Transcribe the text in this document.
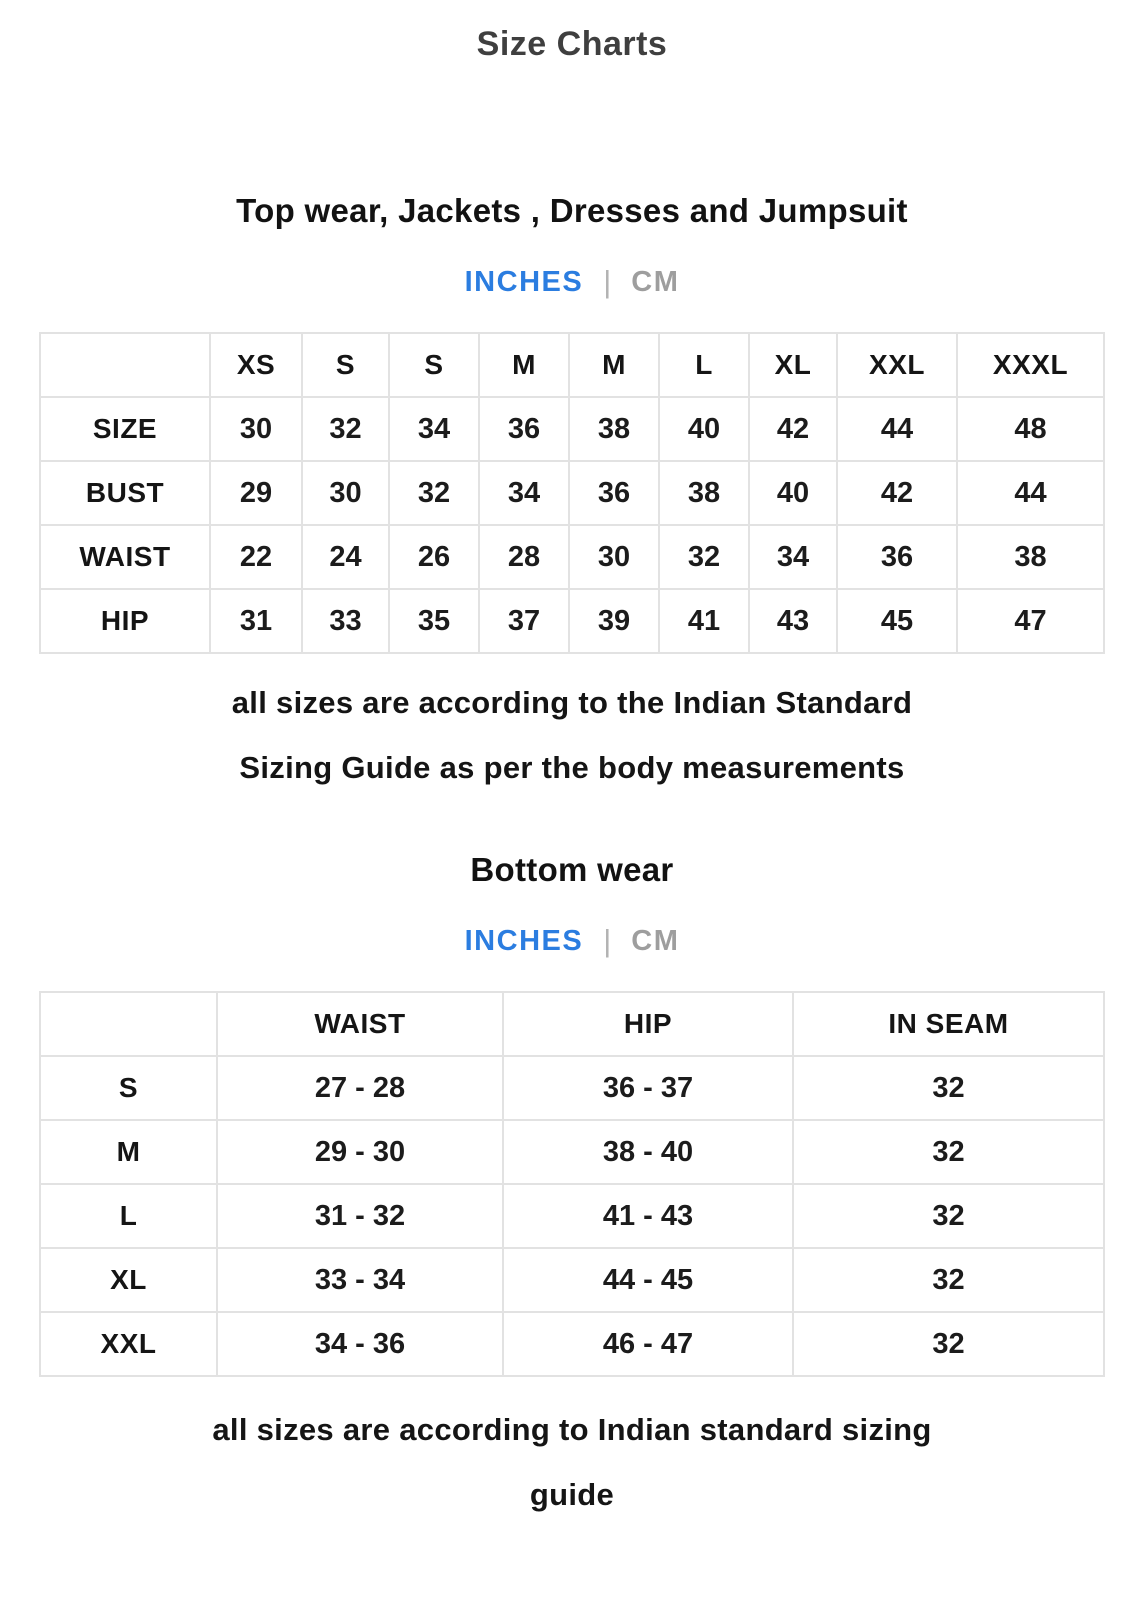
Size Charts
Top wear, Jackets , Dresses and Jumpsuit
INCHES | CM
	XS	S	S	M	M	L	XL	XXL	XXXL
SIZE	30	32	34	36	38	40	42	44	48
BUST	29	30	32	34	36	38	40	42	44
WAIST	22	24	26	28	30	32	34	36	38
HIP	31	33	35	37	39	41	43	45	47
all sizes are according to the Indian Standard
Sizing Guide as per the body measurements
Bottom wear
INCHES | CM
	WAIST	HIP	IN SEAM
S	27 - 28	36 - 37	32
M	29 - 30	38 - 40	32
L	31 - 32	41 - 43	32
XL	33 - 34	44 - 45	32
XXL	34 - 36	46 - 47	32
all sizes are according to Indian standard sizing
guide
